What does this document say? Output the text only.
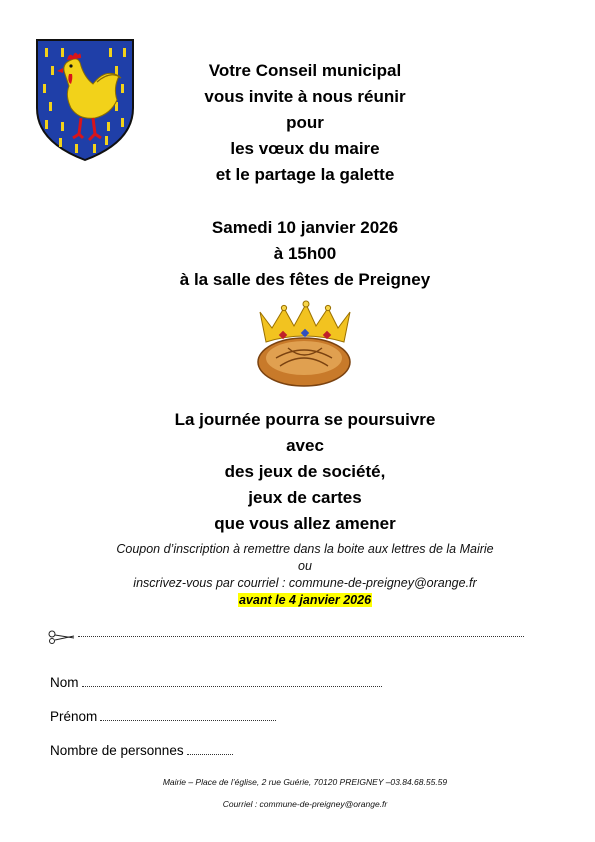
Votre Conseil municipal
vous invite à nous réunir
pour
les vœux du maire
et le partage la galette
Samedi 10 janvier 2026
à 15h00
à la salle des fêtes de Preigney
La journée pourra se poursuivre
avec
des jeux de société,
jeux de cartes
que vous allez amener
Coupon d’inscription à remettre dans la boite aux lettres de la Mairie
ou
inscrivez-vous par courriel : commune-de-preigney@orange.fr
avant le 4 janvier 2026
Nom
Prénom
Nombre de personnes
Mairie – Place de l’église, 2 rue Guérie, 70120 PREIGNEY –03.84.68.55.59
Courriel : commune-de-preigney@orange.fr
